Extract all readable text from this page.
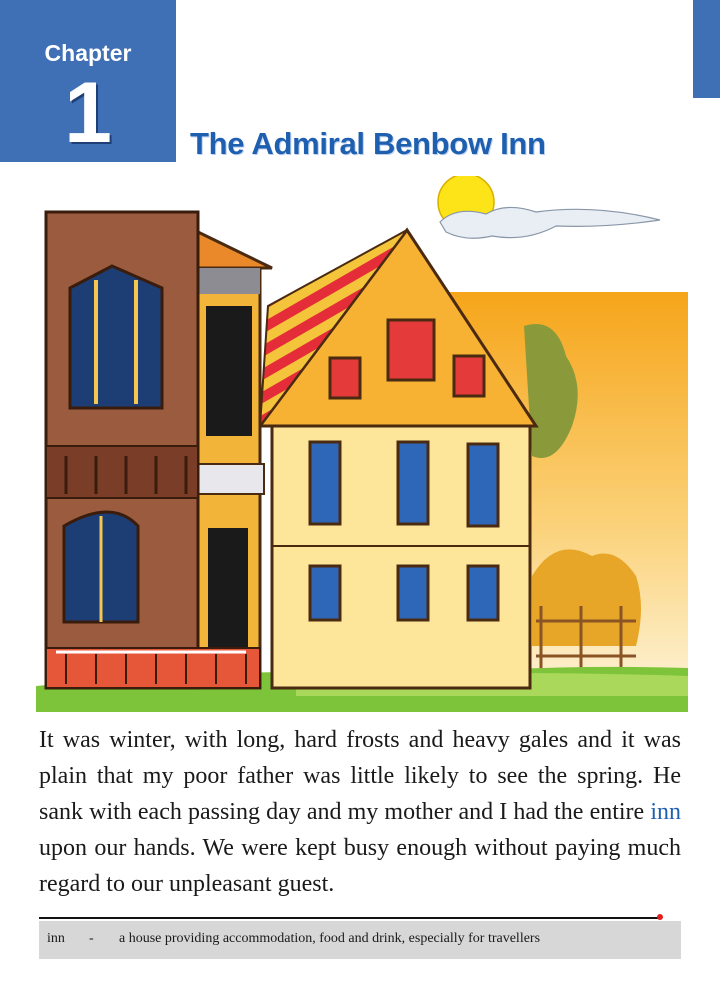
Chapter
1	The Admiral Benbow Inn
It was winter, with long, hard frosts and heavy gales and it was plain that my poor father was little likely to see the spring. He sank with each passing day and my mother and I had the entire inn upon our hands. We were kept busy enough without paying much regard to our unpleasant guest.
inn - a house providing accommodation, food and drink, especially for travellers
